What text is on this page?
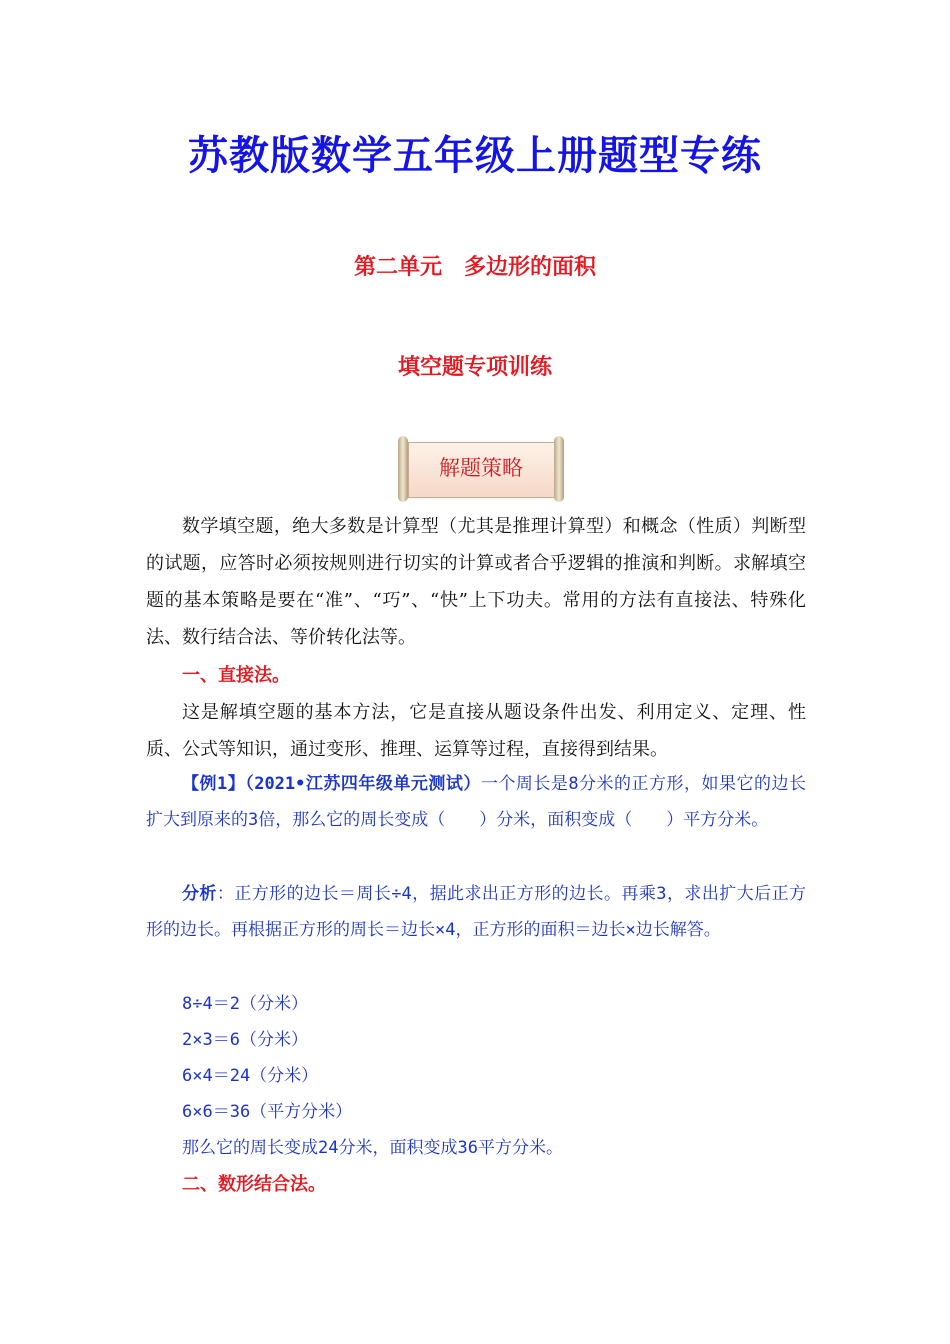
苏教版数学五年级上册题型专练
第二单元　多边形的面积
填空题专项训练
解题策略
数学填空题，绝大多数是计算型（尤其是推理计算型）和概念（性质）判断型的试题，应答时必须按规则进行切实的计算或者合乎逻辑的推演和判断。求解填空题的基本策略是要在“准”、“巧”、“快”上下功夫。常用的方法有直接法、特殊化法、数行结合法、等价转化法等。
一、直接法。
这是解填空题的基本方法，它是直接从题设条件出发、利用定义、定理、性质、公式等知识，通过变形、推理、运算等过程，直接得到结果。
【例1】（2021•江苏四年级单元测试）一个周长是8分米的正方形，如果它的边长扩大到原来的3倍，那么它的周长变成（　　）分米，面积变成（　　）平方分米。
分析：正方形的边长＝周长÷4，据此求出正方形的边长。再乘3，求出扩大后正方形的边长。再根据正方形的周长＝边长×4，正方形的面积＝边长×边长解答。
8÷4＝2（分米）
2×3＝6（分米）
6×4＝24（分米）
6×6＝36（平方分米）
那么它的周长变成24分米，面积变成36平方分米。
二、数形结合法。
